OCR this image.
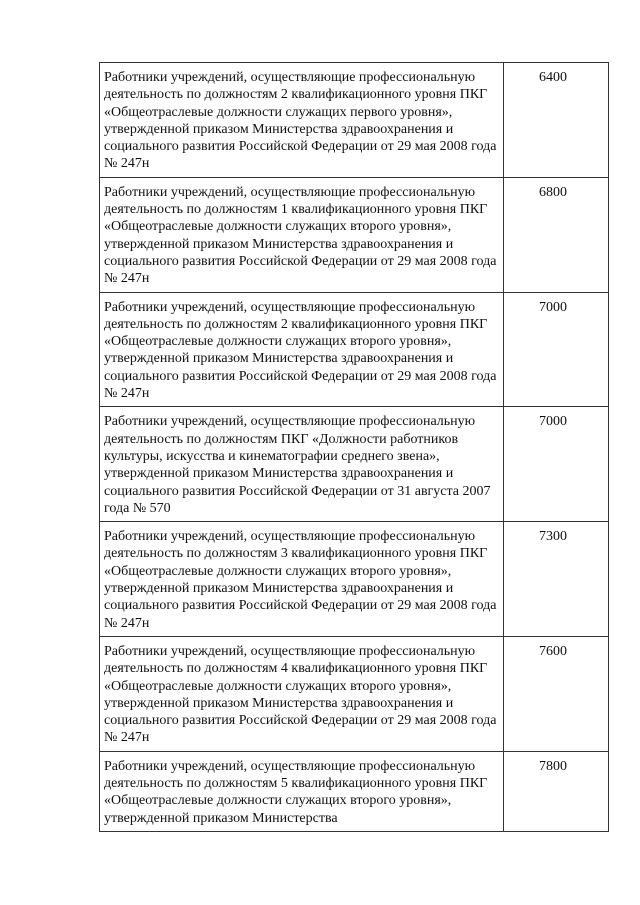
Работники учреждений, осуществляющие профессиональную деятельность по должностям 2 квалификационного уровня ПКГ «Общеотраслевые должности служащих первого уровня», утвержденной приказом Министерства здравоохранения и социального развития Российской Федерации от 29 мая 2008 года № 247н	6400

Работники учреждений, осуществляющие профессиональную деятельность по должностям 1 квалификационного уровня ПКГ «Общеотраслевые должности служащих второго уровня», утвержденной приказом Министерства здравоохранения и социального развития Российской Федерации от 29 мая 2008 года № 247н	6800

Работники учреждений, осуществляющие профессиональную деятельность по должностям 2 квалификационного уровня ПКГ «Общеотраслевые должности служащих второго уровня», утвержденной приказом Министерства здравоохранения и социального развития Российской Федерации от 29 мая 2008 года № 247н	7000

Работники учреждений, осуществляющие профессиональную деятельность по должностям ПКГ «Должности работников культуры, искусства и кинематографии среднего звена», утвержденной приказом Министерства здравоохранения и социального развития Российской Федерации от 31 августа 2007 года № 570	7000

Работники учреждений, осуществляющие профессиональную деятельность по должностям 3 квалификационного уровня ПКГ «Общеотраслевые должности служащих второго уровня», утвержденной приказом Министерства здравоохранения и социального развития Российской Федерации от 29 мая 2008 года № 247н	7300

Работники учреждений, осуществляющие профессиональную деятельность по должностям 4 квалификационного уровня ПКГ «Общеотраслевые должности служащих второго уровня», утвержденной приказом Министерства здравоохранения и социального развития Российской Федерации от 29 мая 2008 года № 247н	7600

Работники учреждений, осуществляющие профессиональную деятельность по должностям 5 квалификационного уровня ПКГ «Общеотраслевые должности служащих второго уровня», утвержденной приказом Министерства	7800
